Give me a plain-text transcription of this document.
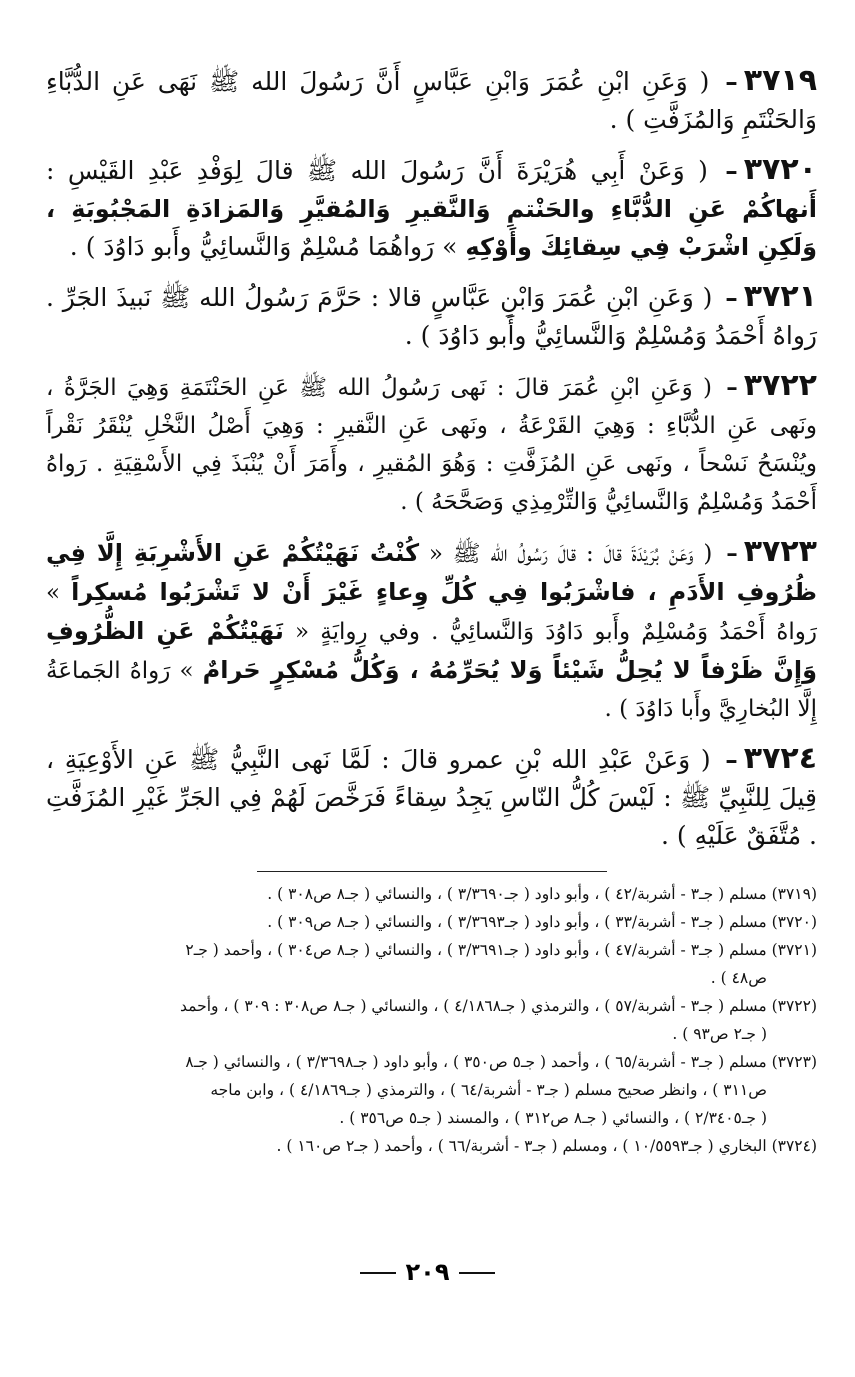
٣٧١٩– ( وَعَنِ ابْنِ عُمَرَ وَابْنِ عَبَّاسٍ أَنَّ رَسُولَ الله ﷺ نَهَى عَنِ الدُّبَّاءِ وَالحَنْتَمِ وَالمُزَفَّتِ ) .

٣٧٢٠– ( وَعَنْ أَبِي هُرَيْرَةَ أَنَّ رَسُولَ الله ﷺ قالَ لِوَفْدِ عَبْدِ القَيْسِ : أَنهاكُمْ عَنِ الدُّبَّاءِ والحَنْتمِ وَالنَّقيرِ وَالمُقيَّرِ وَالمَزادَةِ المَجْبُوبَةِ ، وَلَكِنِ اشْرَبْ فِي سِقائِكَ وأَوْكِهِ » رَواهُمَا مُسْلِمٌ وَالنَّسائِيُّ وأَبو دَاوُدَ ) .

٣٧٢١– ( وَعَنِ ابْنِ عُمَرَ وَابْنِ عَبَّاسٍ قالا : حَرَّمَ رَسُولُ الله ﷺ نَبيذَ الجَرِّ . رَواهُ أَحْمَدُ وَمُسْلِمٌ وَالنَّسائِيُّ وأَبو دَاوُدَ ) .

٣٧٢٢– ( وَعَنِ ابْنِ عُمَرَ قالَ : نَهى رَسُولُ الله ﷺ عَنِ الحَنْتَمَةِ وَهِيَ الجَرَّةُ ، ونَهى عَنِ الدُّبَّاءِ : وَهِيَ القَرْعَةُ ، ونَهى عَنِ النَّقيرِ : وَهِيَ أَصْلُ النَّخْلِ يُنْقَرُ نَقْراً ويُنْسَحُ نَسْحاً ، ونَهى عَنِ المُزَفَّتِ : وَهُوَ المُقيرِ ، وأَمَرَ أَنْ يُنْبَذَ فِي الأَسْقِيَةِ . رَواهُ أَحْمَدُ وَمُسْلِمٌ وَالنَّسائِيُّ وَالتِّرْمِذِي وَصَحَّحَهُ ) .

٣٧٢٣– ( وَعَنْ بُرَيْدَةَ قالَ : قالَ رَسُولُ الله ﷺ « كُنْتُ نَهَيْتُكُمْ عَنِ الأَشْرِبَةِ إِلَّا فِي ظُرُوفِ الأَدَمِ ، فاشْرَبُوا فِي كُلِّ وِعاءٍ غَيْرَ أَنْ لا تَشْرَبُوا مُسكِراً » رَواهُ أَحْمَدُ وَمُسْلِمٌ وأَبو دَاوُدَ وَالنَّسائِيُّ . وفي رِوايَةٍ « نَهَيْتُكُمْ عَنِ الظُّرُوفِ وَإِنَّ ظَرْفاً لا يُحِلُّ شَيْئاً وَلا يُحَرِّمُهُ ، وَكُلُّ مُسْكِرٍ حَرامٌ » رَواهُ الجَماعَةُ إِلَّا البُخارِيَّ وأَبا دَاوُدَ ) .

٣٧٢٤– ( وَعَنْ عَبْدِ الله بْنِ عمرو قالَ : لَمَّا نَهى النَّبِيُّ ﷺ عَنِ الأَوْعِيَةِ ، قِيلَ لِلنَّبِيِّ ﷺ : لَيْسَ كُلُّ النّاسِ يَجِدُ سِقاءً فَرَخَّصَ لَهُمْ فِي الجَرِّ غَيْرِ المُزَفَّتِ . مُتَّفَقٌ عَلَيْهِ ) .

(٣٧١٩) مسلم ( جـ٣ - أشربة/٤٢ ) ، وأبو داود ( جـ٣/٣٦٩٠ ) ، والنسائي ( جـ٨ ص٣٠٨ ) .

(٣٧٢٠) مسلم ( جـ٣ - أشربة/٣٣ ) ، وأبو داود ( جـ٣/٣٦٩٣ ) ، والنسائي ( جـ٨ ص٣٠٩ ) .

(٣٧٢١) مسلم ( جـ٣ - أشربة/٤٧ ) ، وأبو داود ( جـ٣/٣٦٩١ ) ، والنسائي ( جـ٨ ص٣٠٤ ) ، وأحمد ( جـ٢

ص٤٨ ) .

(٣٧٢٢) مسلم ( جـ٣ - أشربة/٥٧ ) ، والترمذي ( جـ٤/١٨٦٨ ) ، والنسائي ( جـ٨ ص٣٠٨ : ٣٠٩ ) ، وأحمد

( جـ٢ ص٩٣ ) .

(٣٧٢٣) مسلم ( جـ٣ - أشربة/٦٥ ) ، وأحمد ( جـ٥ ص٣٥٠ ) ، وأبو داود ( جـ٣/٣٦٩٨ ) ، والنسائي ( جـ٨

ص٣١١ ) ، وانظر صحيح مسلم ( جـ٣ - أشربة/٦٤ ) ، والترمذي ( جـ٤/١٨٦٩ ) ، وابن ماجه

( جـ٢/٣٤٠٥ ) ، والنسائي ( جـ٨ ص٣١٢ ) ، والمسند ( جـ٥ ص٣٥٦ ) .

(٣٧٢٤) البخاري ( جـ١٠/٥٥٩٣ ) ، ومسلم ( جـ٣ - أشربة/٦٦ ) ، وأحمد ( جـ٢ ص١٦٠ ) .

٢٠٩
